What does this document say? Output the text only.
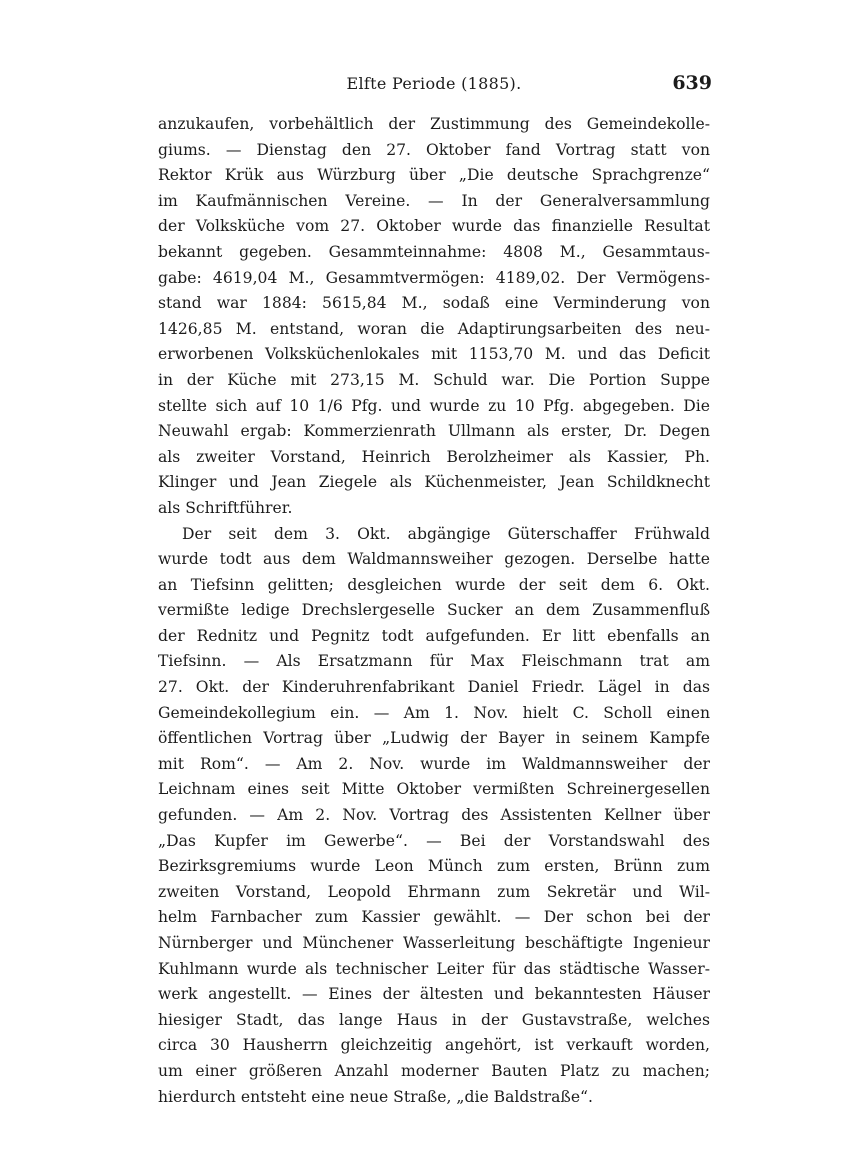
Elfte Periode (1885).	639
anzukaufen, vorbehältlich der Zustimmung des Gemeindekolle-
giums. — Dienstag den 27. Oktober fand Vortrag statt von
Rektor Krük aus Würzburg über „Die deutsche Sprachgrenze“
im Kaufmännischen Vereine. — In der Generalversammlung
der Volksküche vom 27. Oktober wurde das finanzielle Resultat
bekannt gegeben. Gesammteinnahme: 4808 M., Gesammtaus-
gabe: 4619,04 M., Gesammtvermögen: 4189,02. Der Vermögens-
stand war 1884: 5615,84 M., sodaß eine Verminderung von
1426,85 M. entstand, woran die Adaptirungsarbeiten des neu-
erworbenen Volksküchenlokales mit 1153,70 M. und das Deficit
in der Küche mit 273,15 M. Schuld war. Die Portion Suppe
stellte sich auf 10 1/6 Pfg. und wurde zu 10 Pfg. abgegeben. Die
Neuwahl ergab: Kommerzienrath Ullmann als erster, Dr. Degen
als zweiter Vorstand, Heinrich Berolzheimer als Kassier, Ph.
Klinger und Jean Ziegele als Küchenmeister, Jean Schildknecht
als Schriftführer.
Der seit dem 3. Okt. abgängige Güterschaffer Frühwald
wurde todt aus dem Waldmannsweiher gezogen. Derselbe hatte
an Tiefsinn gelitten; desgleichen wurde der seit dem 6. Okt.
vermißte ledige Drechslergeselle Sucker an dem Zusammenfluß
der Rednitz und Pegnitz todt aufgefunden. Er litt ebenfalls an
Tiefsinn. — Als Ersatzmann für Max Fleischmann trat am
27. Okt. der Kinderuhrenfabrikant Daniel Friedr. Lägel in das
Gemeindekollegium ein. — Am 1. Nov. hielt C. Scholl einen
öffentlichen Vortrag über „Ludwig der Bayer in seinem Kampfe
mit Rom“. — Am 2. Nov. wurde im Waldmannsweiher der
Leichnam eines seit Mitte Oktober vermißten Schreinergesellen
gefunden. — Am 2. Nov. Vortrag des Assistenten Kellner über
„Das Kupfer im Gewerbe“. — Bei der Vorstandswahl des
Bezirksgremiums wurde Leon Münch zum ersten, Brünn zum
zweiten Vorstand, Leopold Ehrmann zum Sekretär und Wil-
helm Farnbacher zum Kassier gewählt. — Der schon bei der
Nürnberger und Münchener Wasserleitung beschäftigte Ingenieur
Kuhlmann wurde als technischer Leiter für das städtische Wasser-
werk angestellt. — Eines der ältesten und bekanntesten Häuser
hiesiger Stadt, das lange Haus in der Gustavstraße, welches
circa 30 Hausherrn gleichzeitig angehört, ist verkauft worden,
um einer größeren Anzahl moderner Bauten Platz zu machen;
hierdurch entsteht eine neue Straße, „die Baldstraße“.
